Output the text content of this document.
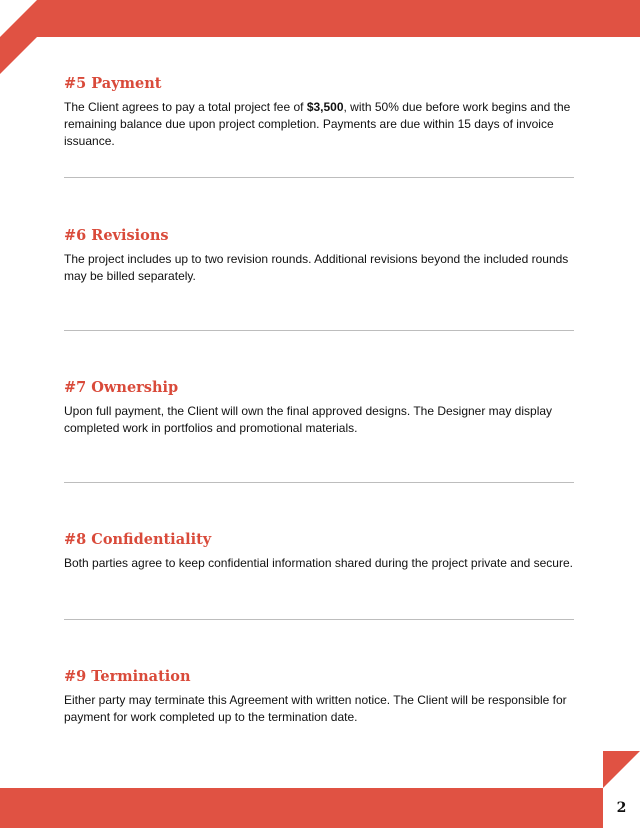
#5 Payment

The Client agrees to pay a total project fee of $3,500, with 50% due before work begins and the remaining balance due upon project completion. Payments are due within 15 days of invoice issuance.

#6 Revisions

The project includes up to two revision rounds. Additional revisions beyond the included rounds may be billed separately.

#7 Ownership

Upon full payment, the Client will own the final approved designs. The Designer may display completed work in portfolios and promotional materials.

#8 Confidentiality

Both parties agree to keep confidential information shared during the project private and secure.

#9 Termination

Either party may terminate this Agreement with written notice. The Client will be responsible for payment for work completed up to the termination date.

2
